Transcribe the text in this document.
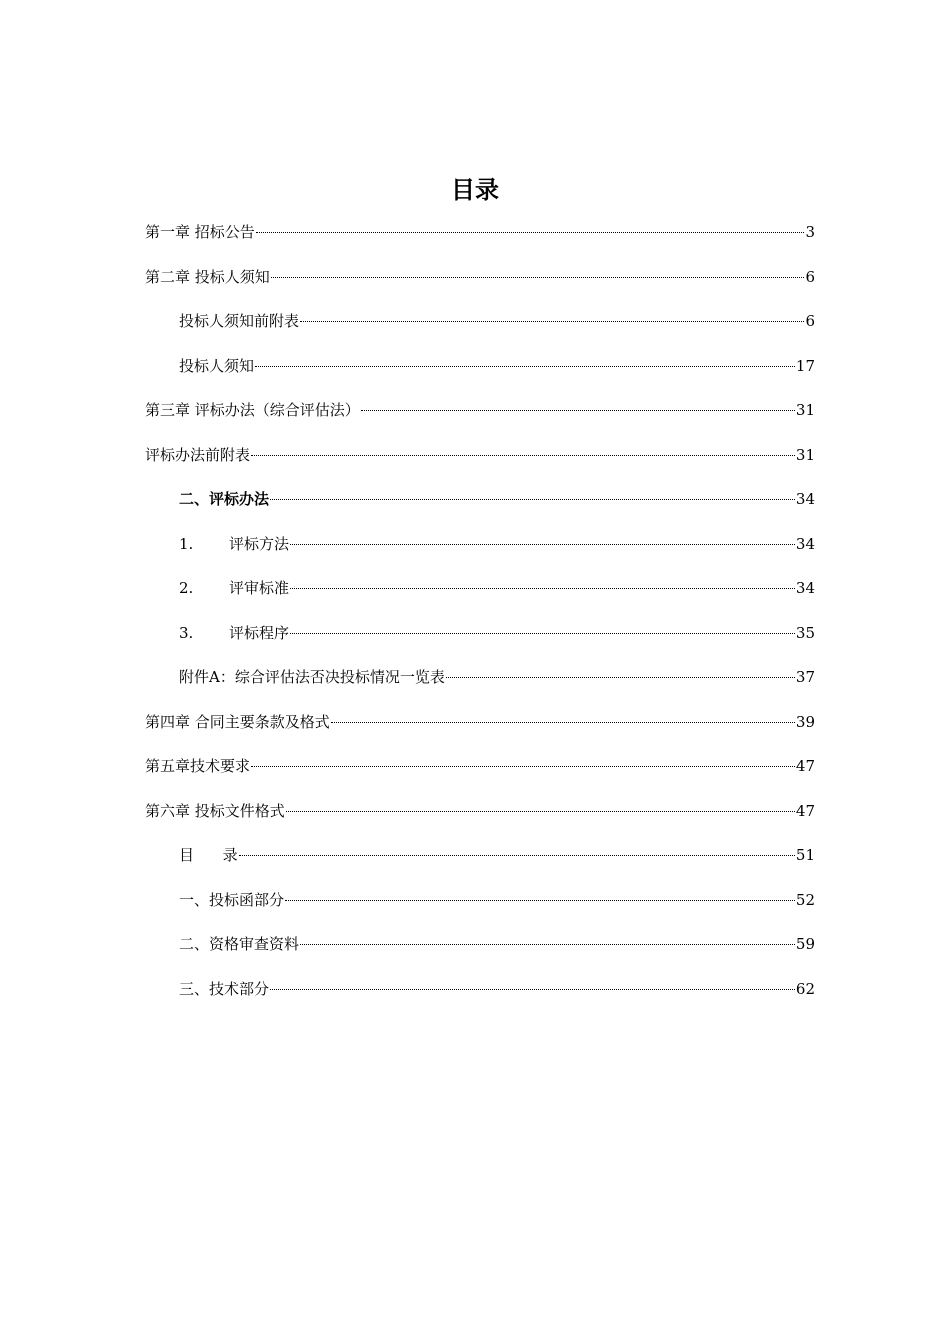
目录
第一章 招标公告	3
第二章 投标人须知	6
投标人须知前附表	6
投标人须知	17
第三章 评标办法（综合评估法）	31
评标办法前附表	31
二、评标办法	34
1.	评标方法	34
2.	评审标准	34
3.	评标程序	35
附件A：综合评估法否决投标情况一览表	37
第四章 合同主要条款及格式	39
第五章技术要求	47
第六章 投标文件格式	47
目      录	51
一、投标函部分	52
二、资格审查资料	59
三、技术部分	62
